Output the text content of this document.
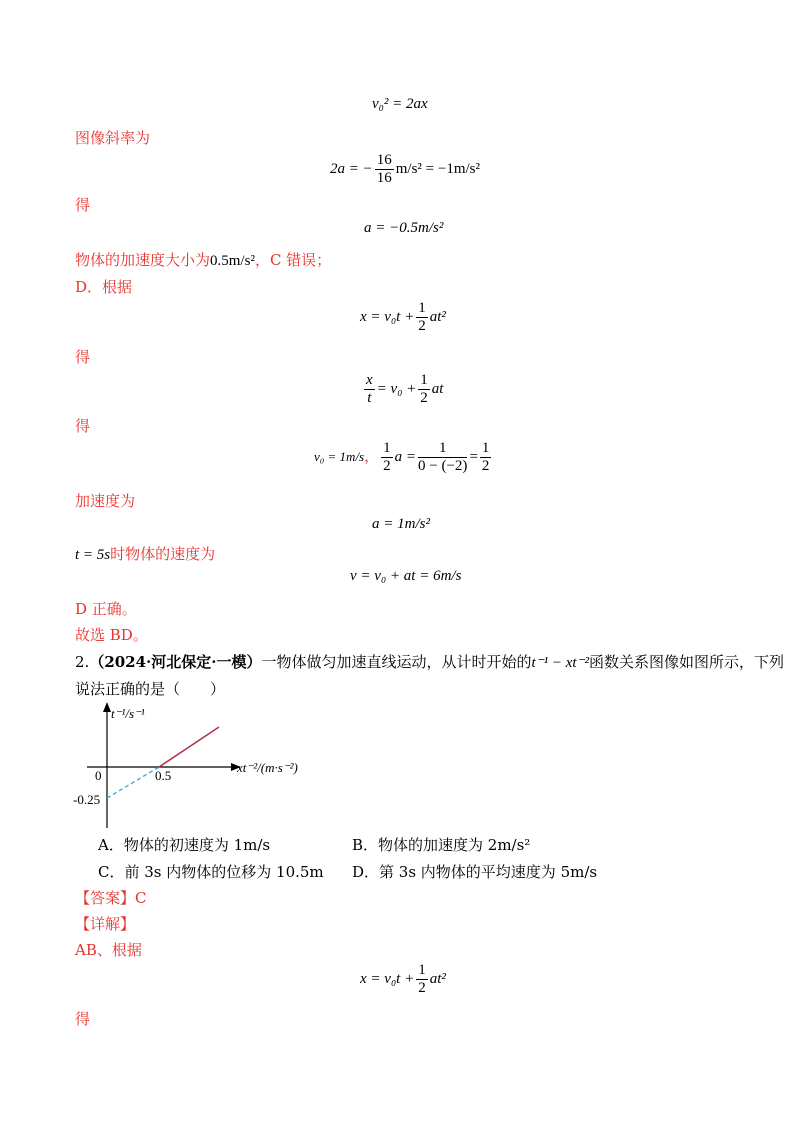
v₀² = 2ax
图像斜率为
2a = − $\frac{16}{16} m/s^2 = -1m/s^2$
得
a = −0.5m/s²
物体的加速度大小为0.5m/s²，C 错误；
D．根据
$x = v_0t + \frac{1}{2} at^2$
得
$\frac{x}{t} = v_0 + \frac{1}{2}$ at
得
v₀ = 1m/s， $\frac{1}{2}$ $a = \frac{1}{0 - (-2)} = \frac{1}{2}$
加速度为
a = 1m/s²
t = 5s时物体的速度为
v = v₀ + at = 6m/s
D 正确。
故选 BD。
2.（2024·河北保定·一模）一物体做匀加速直线运动，从计时开始的t⁻¹ − xt⁻²函数关系图像如图所示，下列
说法正确的是（　　）
t⁻¹/s⁻¹
xt⁻²/(m·s⁻²)
0	0.5
-0.25
A．物体的初速度为 1m/s	B．物体的加速度为 2m/s²
C．前 3s 内物体的位移为 10.5m D．第 3s 内物体的平均速度为 5m/s
【答案】C
【详解】
AB、根据
$x = v_0t + \frac{1}{2} at^2$
得
